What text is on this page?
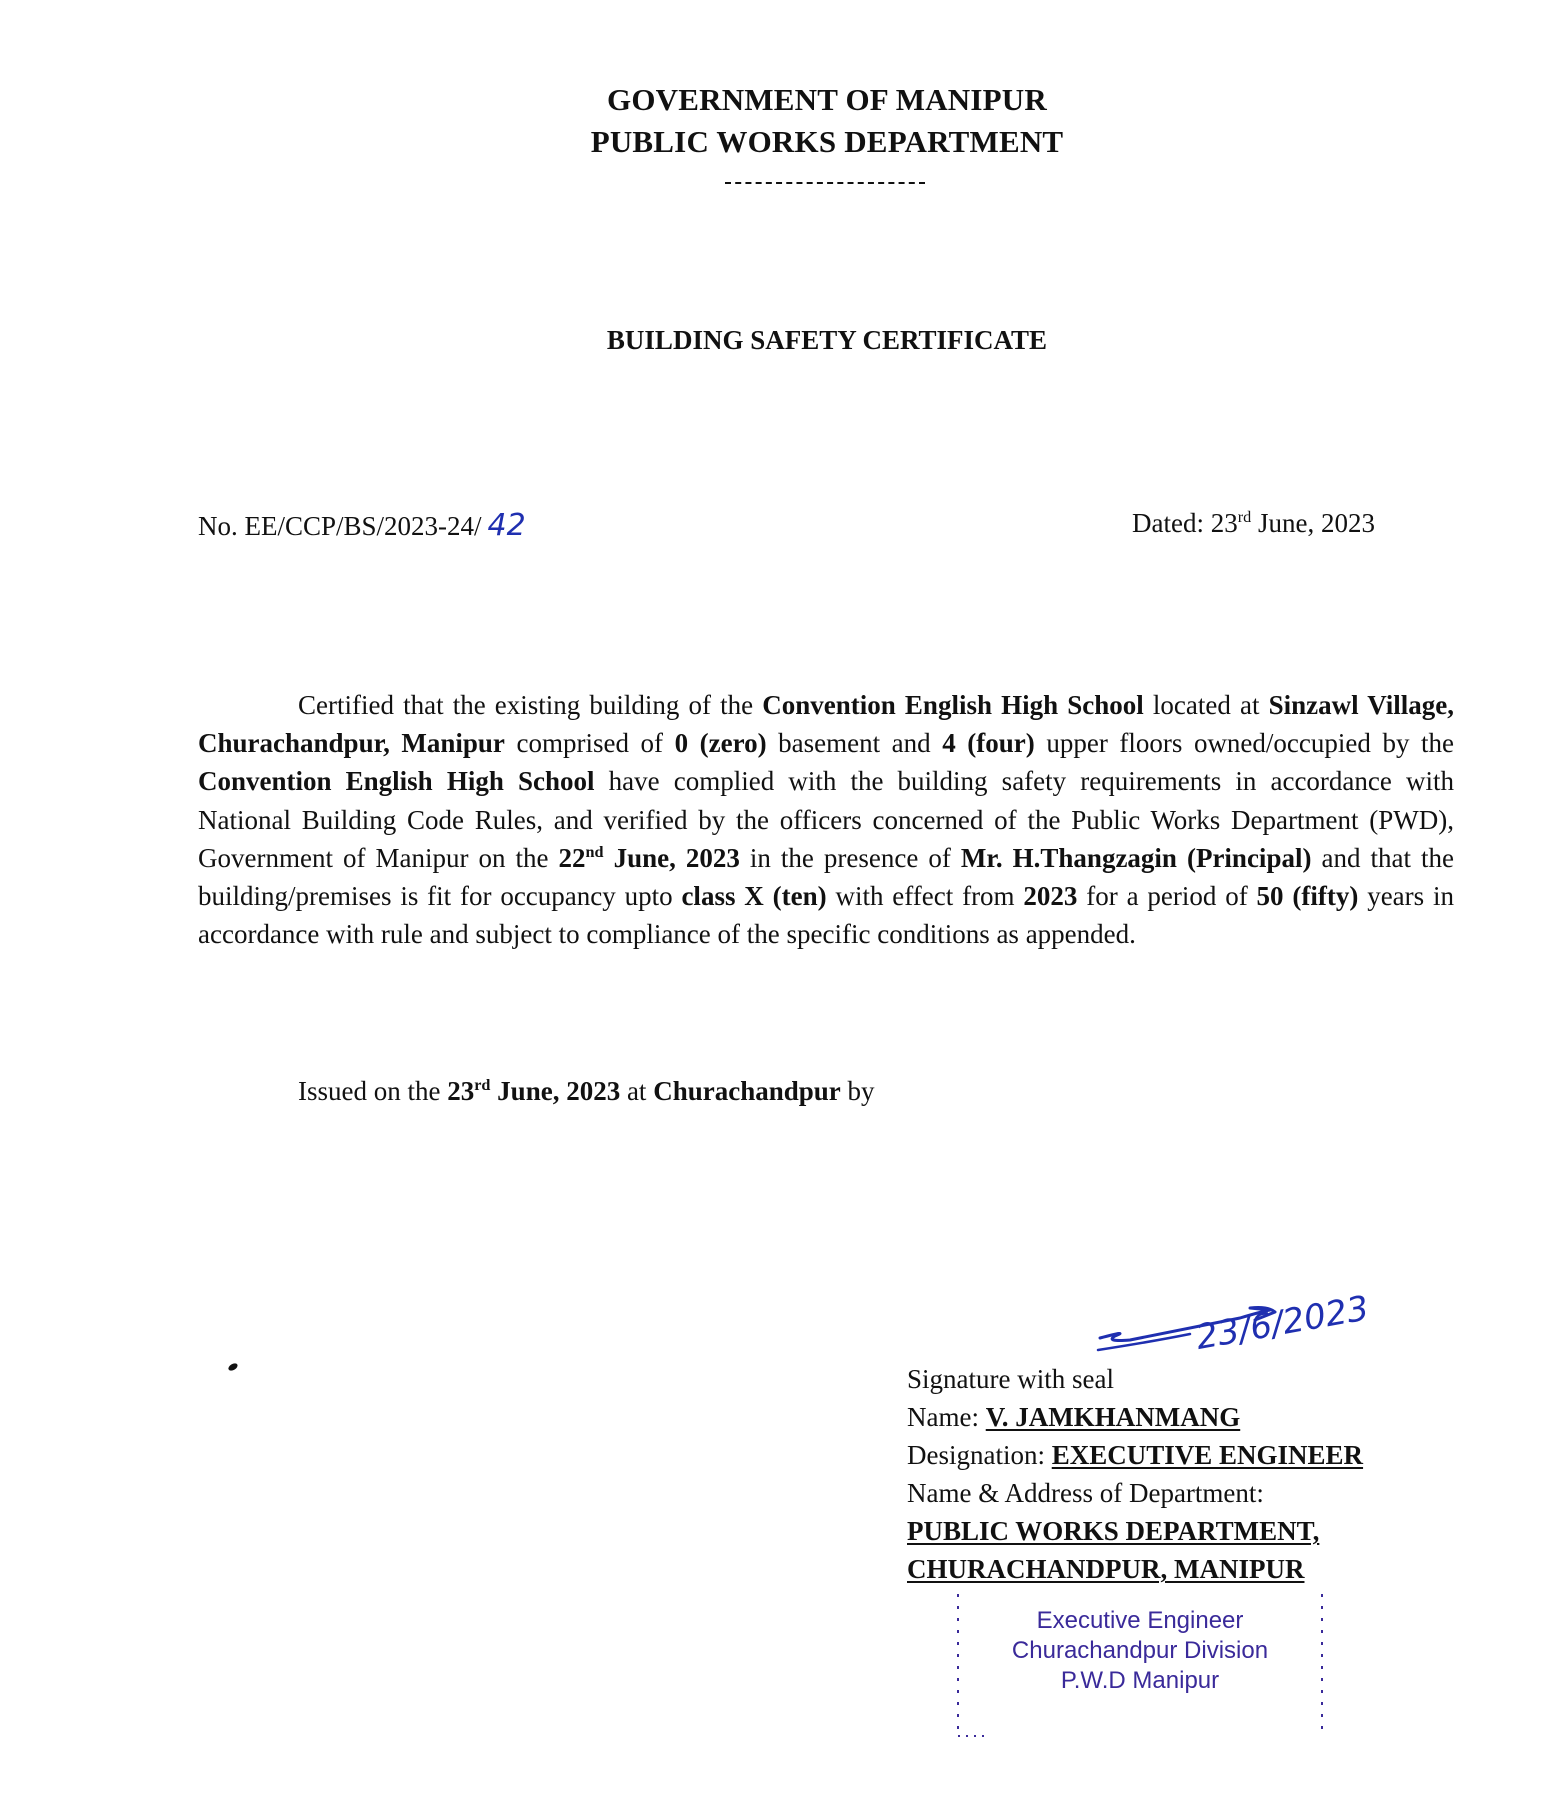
GOVERNMENT OF MANIPUR
PUBLIC WORKS DEPARTMENT
BUILDING SAFETY CERTIFICATE
No. EE/CCP/BS/2023-24/ 42	Dated: 23rd June, 2023
Certified that the existing building of the Convention English High School located at Sinzawl Village, Churachandpur, Manipur comprised of 0 (zero) basement and 4 (four) upper floors owned/occupied by the Convention English High School have complied with the building safety requirements in accordance with National Building Code Rules, and verified by the officers concerned of the Public Works Department (PWD), Government of Manipur on the 22nd June, 2023 in the presence of Mr. H.Thangzagin (Principal) and that the building/premises is fit for occupancy upto class X (ten) with effect from 2023 for a period of 50 (fifty) years in accordance with rule and subject to compliance of the specific conditions as appended.
Issued on the 23rd June, 2023 at Churachandpur by
23/6/2023
Signature with seal
Name: V. JAMKHANMANG
Designation: EXECUTIVE ENGINEER
Name & Address of Department:
PUBLIC WORKS DEPARTMENT,
CHURACHANDPUR, MANIPUR
Executive Engineer
Churachandpur Division
P.W.D Manipur
